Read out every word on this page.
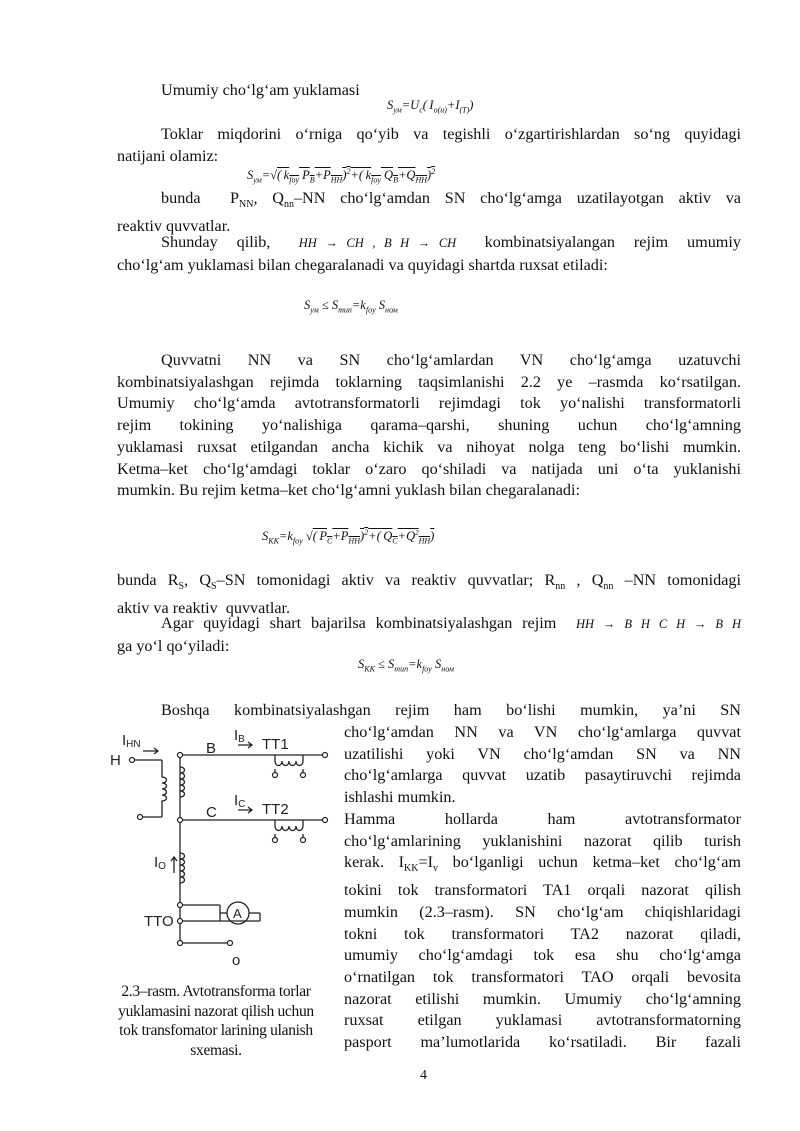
Umumiy cho‘lg‘am yuklamasi
$S_{ум}=U_c$( $I_{o(u)}+I_{(T)}$)
Toklar miqdorini o‘rniga qo‘yib va tegishli o‘zgartirishlardan so‘ng quyidagi
natijani olamiz:
$S_{ум}=√$( $k_{foy}$ $P_B+P_{HH})^2+$( $k_{foy}$ $Q_B+Q_{HH})^2$
bunda  $P_{NN}$, $Q_{nn}-NN$ cho‘lg‘amdan SN cho‘lg‘amga uzatilayotgan aktiv va
reaktiv quvvatlar.
Shunday  qilib,   HH → CH , B H → CH   kombinatsiyalangan  rejim  umumiy
cho‘lg‘am yuklamasi bilan chegaralanadi va quyidagi shartda ruxsat etiladi:
$S_{ум} \le S_{mun}=k_{foy}$ $S_{ном}$
Quvvatni NN va SN cho‘lg‘amlardan VN cho‘lg‘amga uzatuvchi
kombinatsiyalashgan rejimda toklarning taqsimlanishi 2.2 ye –rasmda ko‘rsatilgan.
Umumiy cho‘lg‘amda avtotransformatorli rejimdagi tok yo‘nalishi transformatorli
rejim tokining yo‘nalishiga qarama–qarshi, shuning uchun cho‘lg‘amning
yuklamasi ruxsat etilgandan ancha kichik va nihoyat nolga teng bo‘lishi mumkin.
Ketma–ket cho‘lg‘amdagi toklar o‘zaro qo‘shiladi va natijada uni o‘ta yuklanishi
mumkin. Bu rejim ketma–ket cho‘lg‘amni yuklash bilan chegaralanadi:
$S_{KK}=k_{foy}$ √( $P_C+P_{HH})^2+$( $Q_C+Q^2_{HH}$)
bunda $R_S$, $Q_S-SN$ tomonidagi aktiv va reaktiv quvvatlar; $R_{nn}$ , $Q_{nn}$ –NN tomonidagi
aktiv va reaktiv  quvvatlar.
Agar quyidagi shart bajarilsa kombinatsiyalashgan rejim  HH → B H C H → B H
ga yo‘l qo‘yiladi:
$S_{KK} \le S_{mun}=k_{foy}$ $S_{ном}$
Boshqa kombinatsiyalashgan rejim ham bo‘lishi mumkin, ya’ni SN
cho‘lg‘amdan NN va VN cho‘lg‘amlarga quvvat
uzatilishi yoki VN cho‘lg‘amdan SN va NN
cho‘lg‘amlarga quvvat uzatib pasaytiruvchi rejimda
ishlashi mumkin.
Hamma hollarda ham avtotransformator
cho‘lg‘amlarining yuklanishini nazorat qilib turish
kerak. $I_{KK}=I_v$ bo‘lganligi uchun ketma–ket cho‘lg‘am
tokini tok transformatori TA1 orqali nazorat qilish
mumkin (2.3–rasm). SN cho‘lg‘am chiqishlaridagi
tokni tok transformatori TA2 nazorat qiladi,
umumiy cho‘lg‘amdagi tok esa shu cho‘lg‘amga
o‘rnatilgan tok transformatori TAO orqali bevosita
nazorat etilishi mumkin. Umumiy cho‘lg‘amning
ruxsat etilgan yuklamasi avtotransformatorning
pasport ma’lumotlarida ko‘rsatiladi. Bir fazali
IHN
H
B
IB TT1
C
IC TT2
IO
TTO	A
o
2.3–rasm. Avtotransforma torlar yuklamasini nazorat qilish uchun tok transfomator larining ulanish sxemasi.
4
